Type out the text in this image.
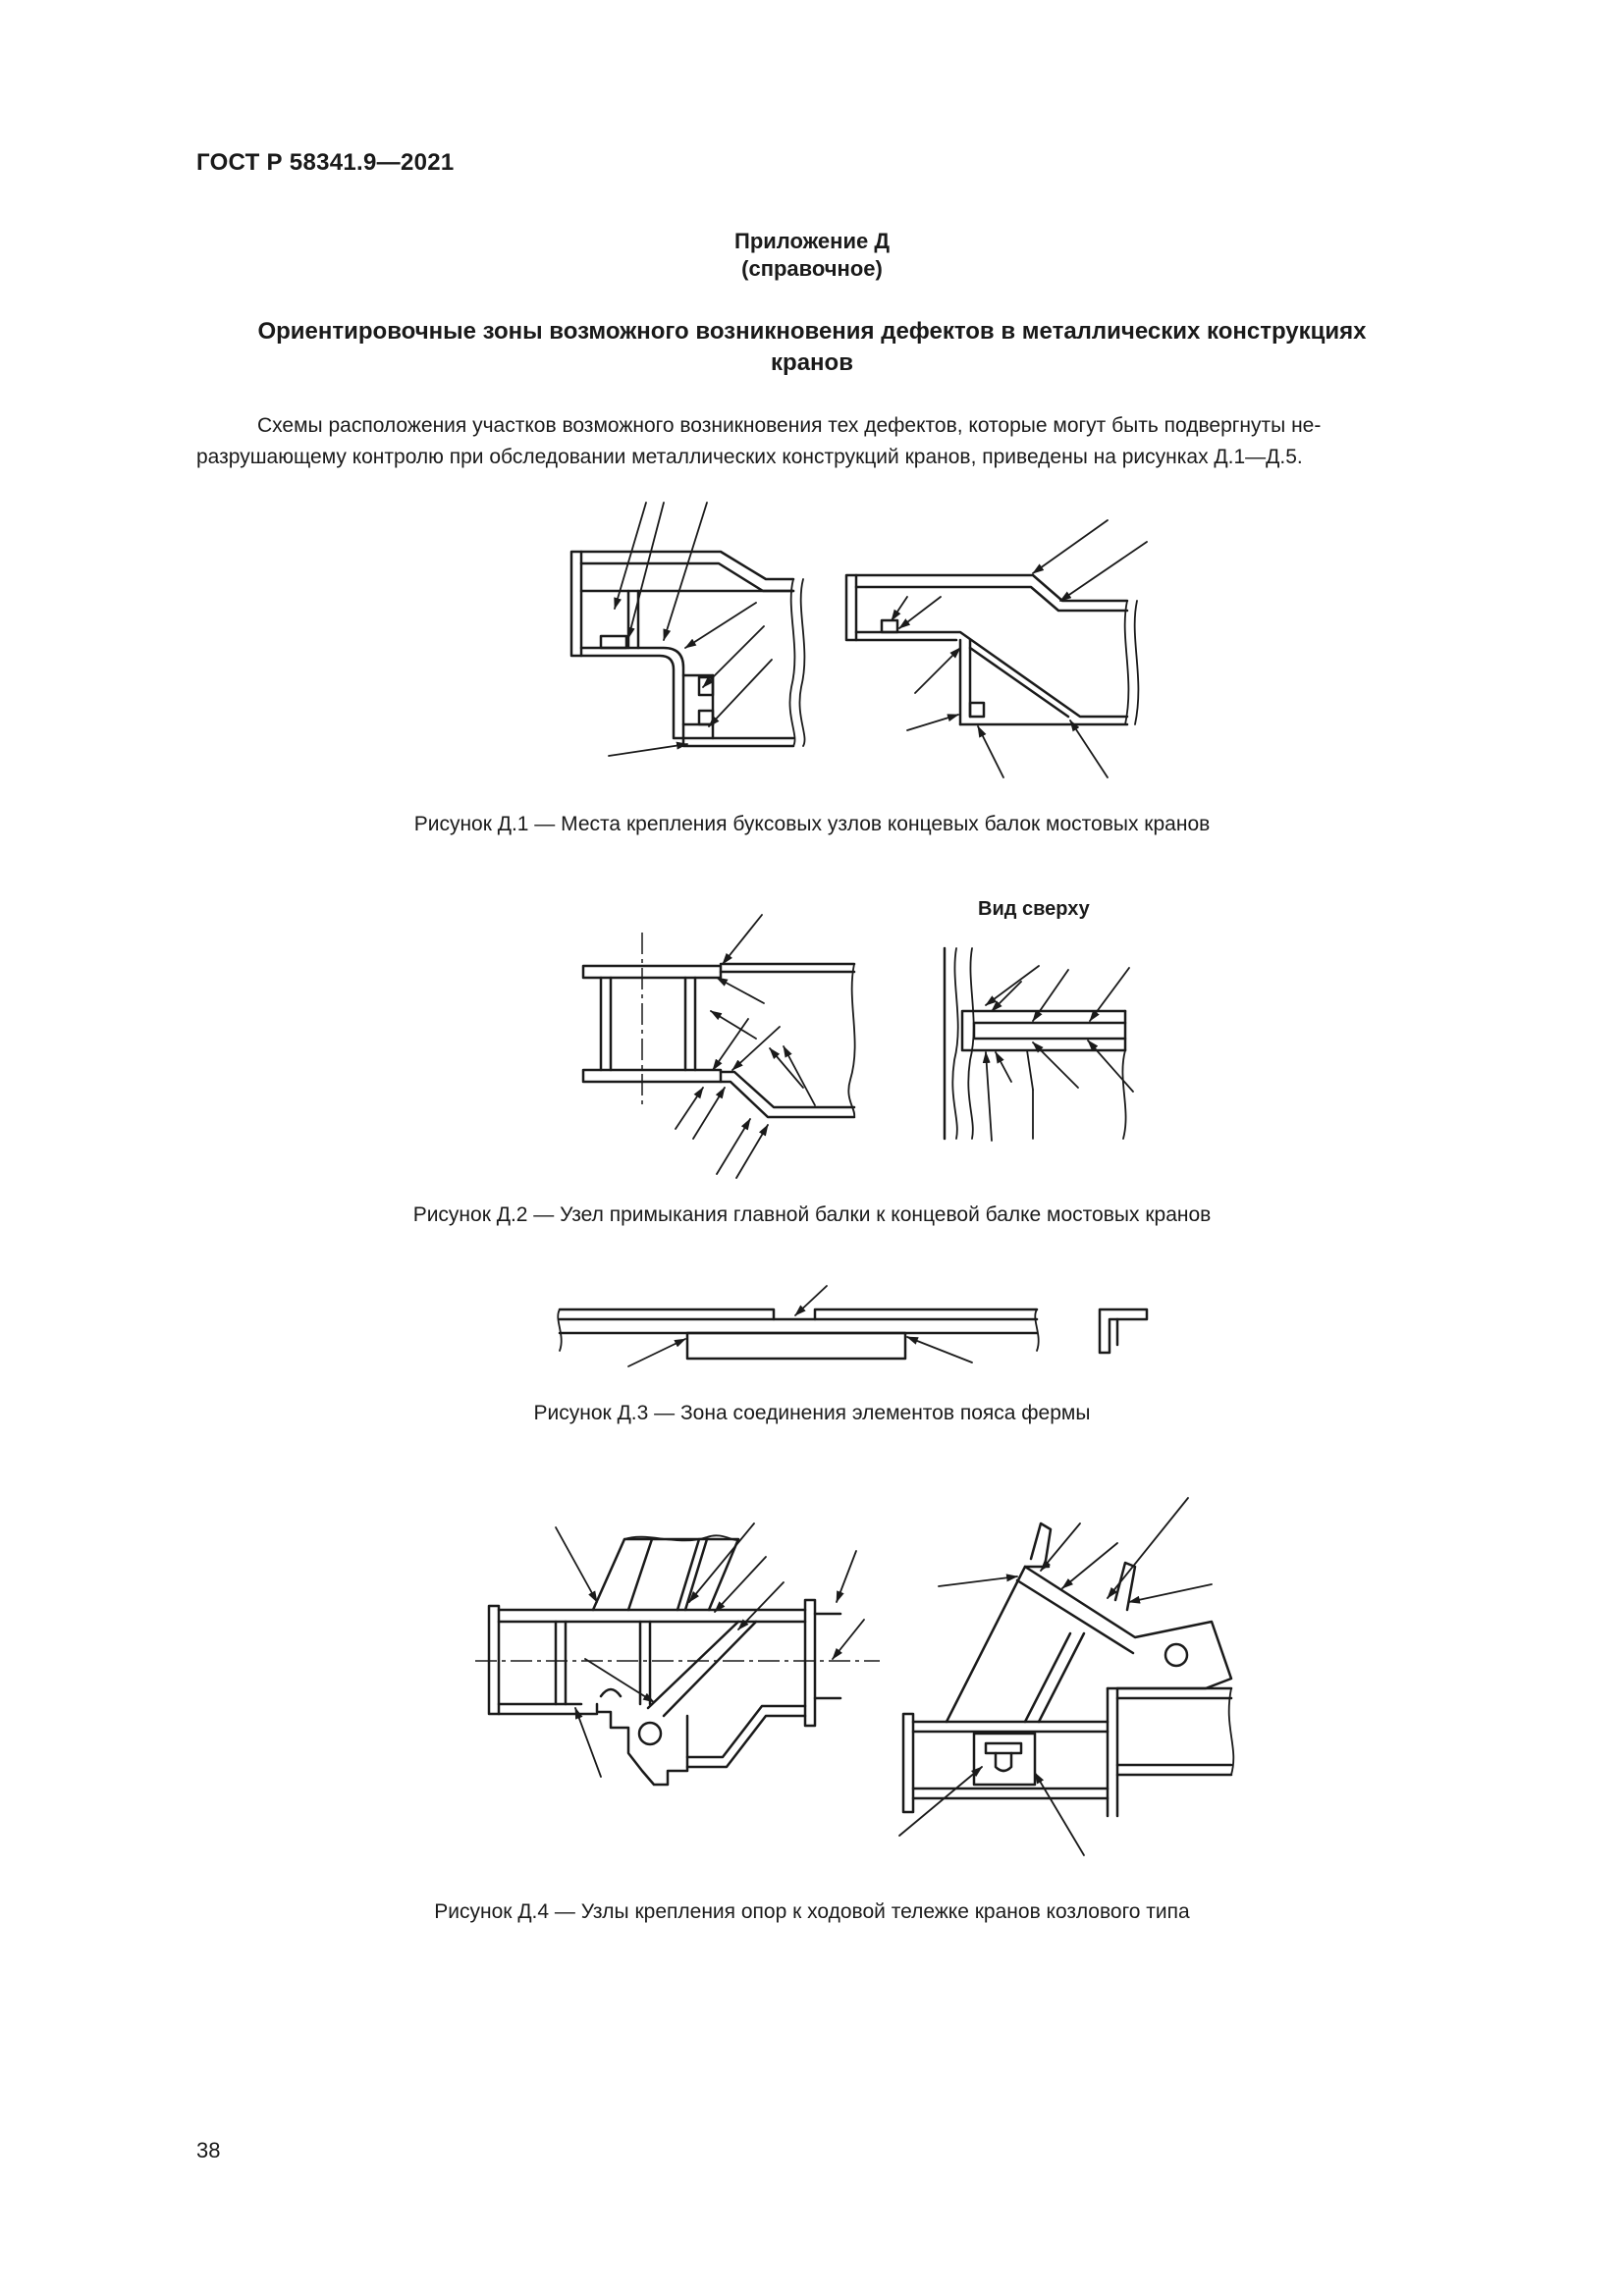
ГОСТ Р 58341.9—2021
Приложение Д
(справочное)
Ориентировочные зоны возможного возникновения дефектов в металлических конструкциях
кранов
Схемы расположения участков возможного возникновения тех дефектов, которые могут быть подвергнуты не-
разрушающему контролю при обследовании металлических конструкций кранов, приведены на рисунках Д.1—Д.5.
Рисунок Д.1 — Места крепления буксовых узлов концевых балок мостовых кранов
Вид сверху
Рисунок Д.2 — Узел примыкания главной балки к концевой балке мостовых кранов
Рисунок Д.3 — Зона соединения элементов пояса фермы
Рисунок Д.4 — Узлы крепления опор к ходовой тележке кранов козлового типа
38
